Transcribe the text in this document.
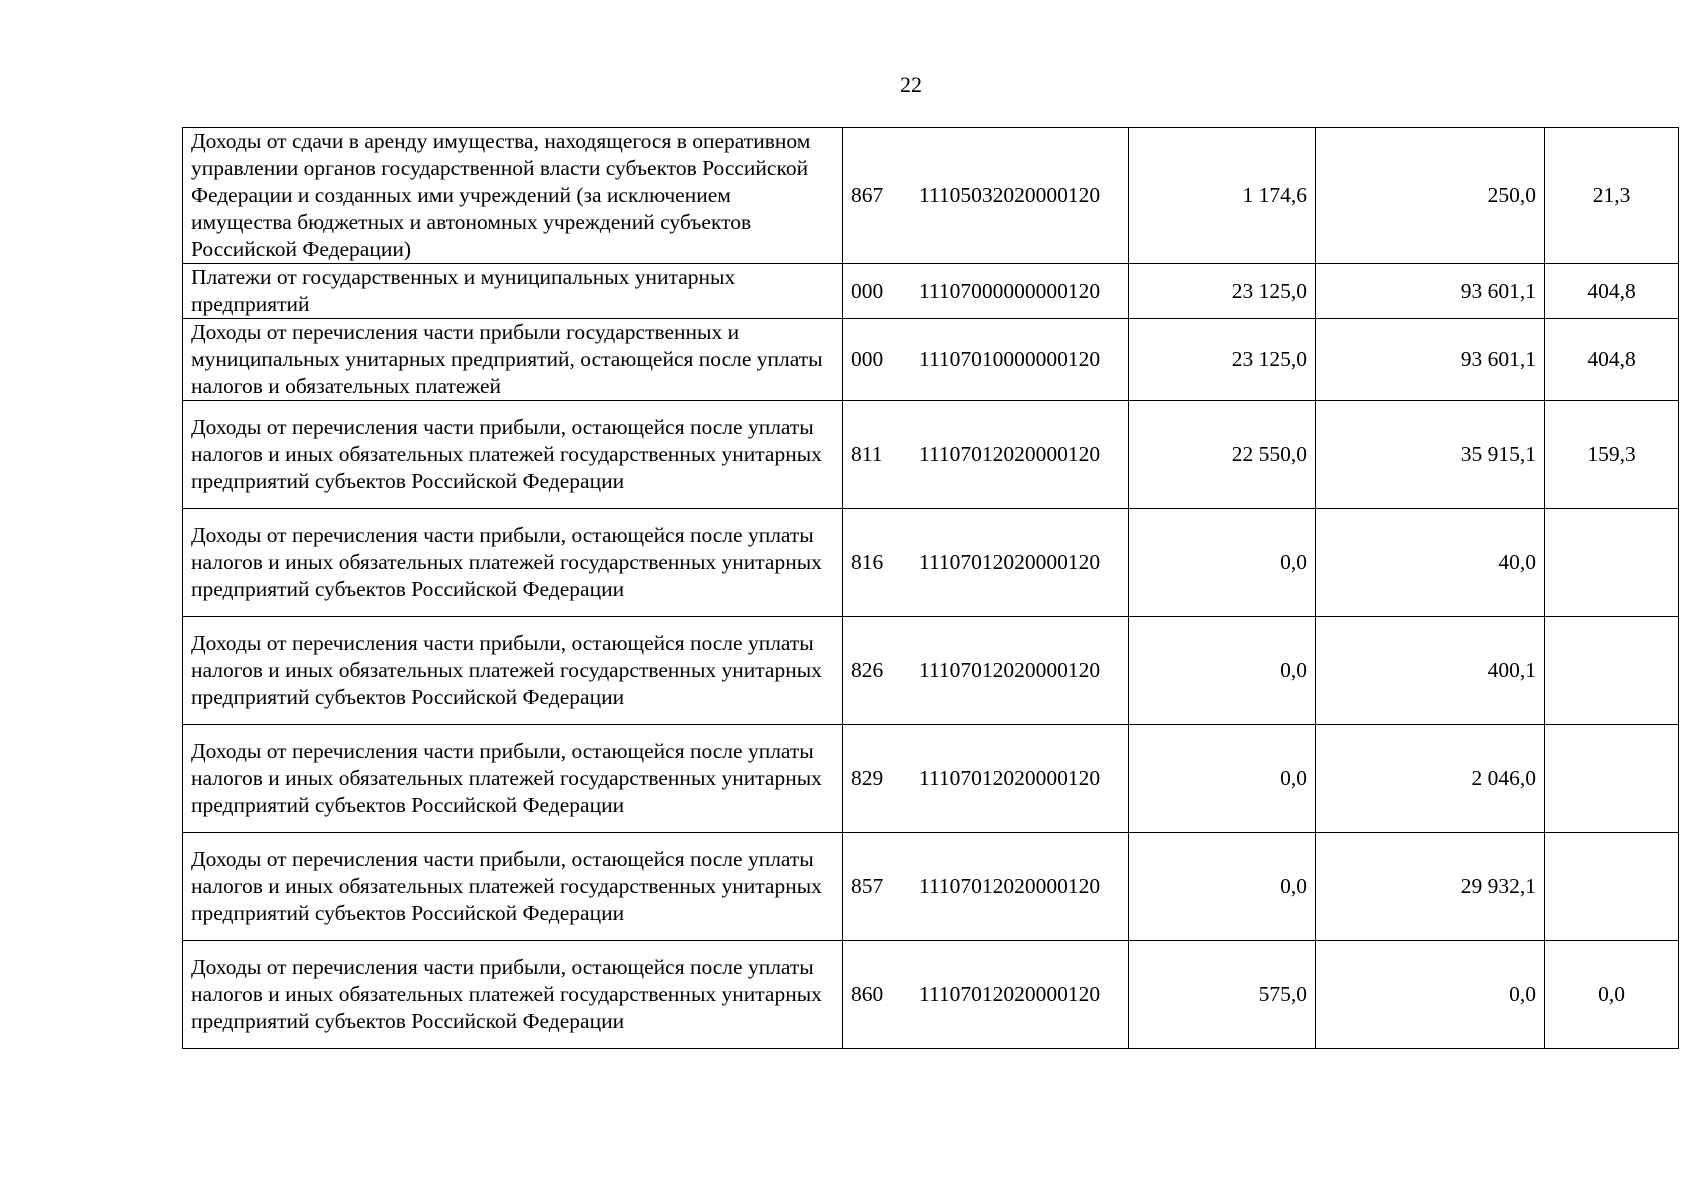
22
Доходы от сдачи в аренду имущества, находящегося в оперативном управлении органов государственной власти субъектов Российской Федерации и созданных ими учреждений (за исключением имущества бюджетных и автономных учреждений субъектов Российской Федерации)	867 11105032020000120	1 174,6	250,0	21,3
Платежи от государственных и муниципальных унитарных предприятий	000 11107000000000120	23 125,0	93 601,1	404,8
Доходы от перечисления части прибыли государственных и муниципальных унитарных предприятий, остающейся после уплаты налогов и обязательных платежей	000 11107010000000120	23 125,0	93 601,1	404,8
Доходы от перечисления части прибыли, остающейся после уплаты налогов и иных обязательных платежей государственных унитарных предприятий субъектов Российской Федерации	811 11107012020000120	22 550,0	35 915,1	159,3
Доходы от перечисления части прибыли, остающейся после уплаты налогов и иных обязательных платежей государственных унитарных предприятий субъектов Российской Федерации	816 11107012020000120	0,0	40,0	
Доходы от перечисления части прибыли, остающейся после уплаты налогов и иных обязательных платежей государственных унитарных предприятий субъектов Российской Федерации	826 11107012020000120	0,0	400,1	
Доходы от перечисления части прибыли, остающейся после уплаты налогов и иных обязательных платежей государственных унитарных предприятий субъектов Российской Федерации	829 11107012020000120	0,0	2 046,0	
Доходы от перечисления части прибыли, остающейся после уплаты налогов и иных обязательных платежей государственных унитарных предприятий субъектов Российской Федерации	857 11107012020000120	0,0	29 932,1	
Доходы от перечисления части прибыли, остающейся после уплаты налогов и иных обязательных платежей государственных унитарных предприятий субъектов Российской Федерации	860 11107012020000120	575,0	0,0	0,0
